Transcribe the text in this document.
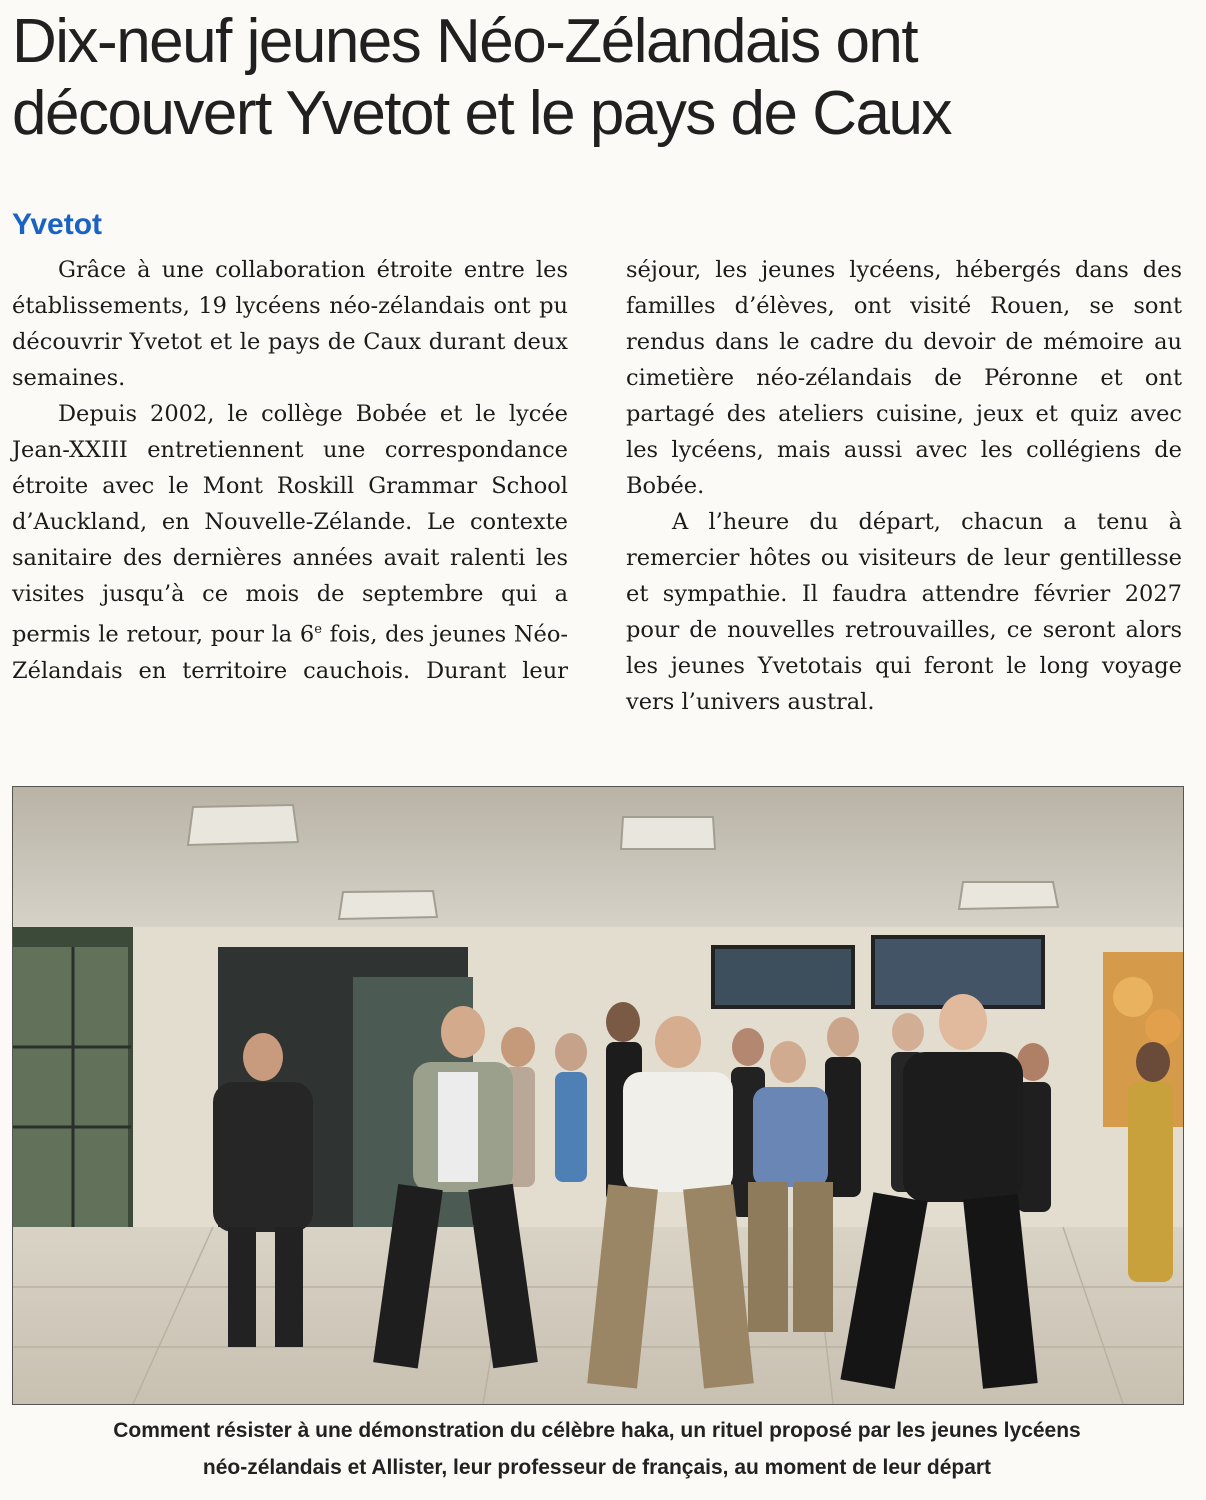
Dix-neuf jeunes Néo-Zélandais ont
découvert Yvetot et le pays de Caux
Yvetot

Grâce à une collaboration étroite entre les établissements, 19 lycéens néo-zélandais ont pu découvrir Yvetot et le pays de Caux durant deux semaines.

Depuis 2002, le collège Bobée et le lycée Jean-XXIII entretiennent une correspondance étroite avec le Mont Roskill Grammar School d’Auckland, en Nouvelle-Zélande. Le contexte sanitaire des dernières années avait ralenti les visites jusqu’à ce mois de septembre qui a permis le retour, pour la 6e fois, des jeunes Néo-Zélandais en territoire cauchois. Durant leur séjour, les jeunes lycéens, hébergés dans des familles d’élèves, ont visité Rouen, se sont rendus dans le cadre du devoir de mémoire au cimetière néo-zélandais de Péronne et ont partagé des ateliers cuisine, jeux et quiz avec les lycéens, mais aussi avec les collégiens de Bobée.

A l’heure du départ, chacun a tenu à remercier hôtes ou visiteurs de leur gentillesse et sympathie. Il faudra attendre février 2027 pour de nouvelles retrouvailles, ce seront alors les jeunes Yvetotais qui feront le long voyage vers l’univers austral.

Comment résister à une démonstration du célèbre haka, un rituel proposé par les jeunes lycéens
néo-zélandais et Allister, leur professeur de français, au moment de leur départ
